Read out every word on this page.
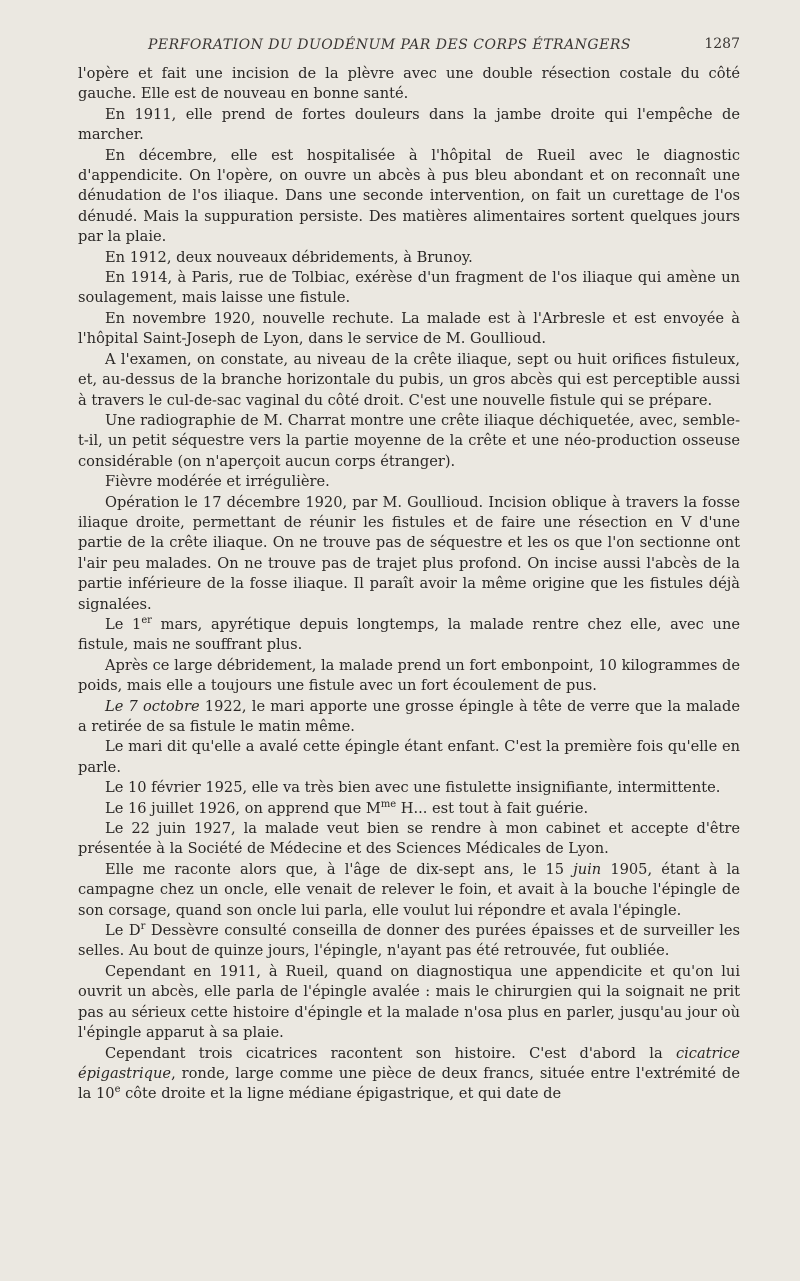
PERFORATION DU DUODÉNUM PAR DES CORPS ÉTRANGERS	1287

l'opère et fait une incision de la plèvre avec une double résection costale du côté gauche. Elle est de nouveau en bonne santé.

En 1911, elle prend de fortes douleurs dans la jambe droite qui l'empêche de marcher.

En décembre, elle est hospitalisée à l'hôpital de Rueil avec le diagnostic d'appendicite. On l'opère, on ouvre un abcès à pus bleu abondant et on reconnaît une dénudation de l'os iliaque. Dans une seconde intervention, on fait un curettage de l'os dénudé. Mais la suppuration persiste. Des matières alimentaires sortent quelques jours par la plaie.

En 1912, deux nouveaux débridements, à Brunoy.

En 1914, à Paris, rue de Tolbiac, exérèse d'un fragment de l'os iliaque qui amène un soulagement, mais laisse une fistule.

En novembre 1920, nouvelle rechute. La malade est à l'Arbresle et est envoyée à l'hôpital Saint-Joseph de Lyon, dans le service de M. Goullioud.

A l'examen, on constate, au niveau de la crête iliaque, sept ou huit orifices fistuleux, et, au-dessus de la branche horizontale du pubis, un gros abcès qui est perceptible aussi à travers le cul-de-sac vaginal du côté droit. C'est une nouvelle fistule qui se prépare.

Une radiographie de M. Charrat montre une crête iliaque déchiquetée, avec, semble-t-il, un petit séquestre vers la partie moyenne de la crête et une néo-production osseuse considérable (on n'aperçoit aucun corps étranger).

Fièvre modérée et irrégulière.

Opération le 17 décembre 1920, par M. Goullioud. Incision oblique à travers la fosse iliaque droite, permettant de réunir les fistules et de faire une résection en V d'une partie de la crête iliaque. On ne trouve pas de séquestre et les os que l'on sectionne ont l'air peu malades. On ne trouve pas de trajet plus profond. On incise aussi l'abcès de la partie inférieure de la fosse iliaque. Il paraît avoir la même origine que les fistules déjà signalées.

Le 1er mars, apyrétique depuis longtemps, la malade rentre chez elle, avec une fistule, mais ne souffrant plus.

Après ce large débridement, la malade prend un fort embonpoint, 10 kilogrammes de poids, mais elle a toujours une fistule avec un fort écoulement de pus.

Le 7 octobre 1922, le mari apporte une grosse épingle à tête de verre que la malade a retirée de sa fistule le matin même.

Le mari dit qu'elle a avalé cette épingle étant enfant. C'est la première fois qu'elle en parle.

Le 10 février 1925, elle va très bien avec une fistulette insignifiante, intermittente.

Le 16 juillet 1926, on apprend que $M^{me}$ H... est tout à fait guérie.

Le 22 juin 1927, la malade veut bien se rendre à mon cabinet et accepte d'être présentée à la Société de Médecine et des Sciences Médicales de Lyon.

Elle me raconte alors que, à l'âge de dix-sept ans, le 15 juin 1905, étant à la campagne chez un oncle, elle venait de relever le foin, et avait à la bouche l'épingle de son corsage, quand son oncle lui parla, elle voulut lui répondre et avala l'épingle.

Le $D^r$ Dessèvre consulté conseilla de donner des purées épaisses et de surveiller les selles. Au bout de quinze jours, l'épingle, n'ayant pas été retrouvée, fut oubliée.

Cependant en 1911, à Rueil, quand on diagnostiqua une appendicite et qu'on lui ouvrit un abcès, elle parla de l'épingle avalée : mais le chirurgien qui la soignait ne prit pas au sérieux cette histoire d'épingle et la malade n'osa plus en parler, jusqu'au jour où l'épingle apparut à sa plaie.

Cependant trois cicatrices racontent son histoire. C'est d'abord la cicatrice épigastrique, ronde, large comme une pièce de deux francs, située entre l'extrémité de la 10e côte droite et la ligne médiane épigastrique, et qui date de
